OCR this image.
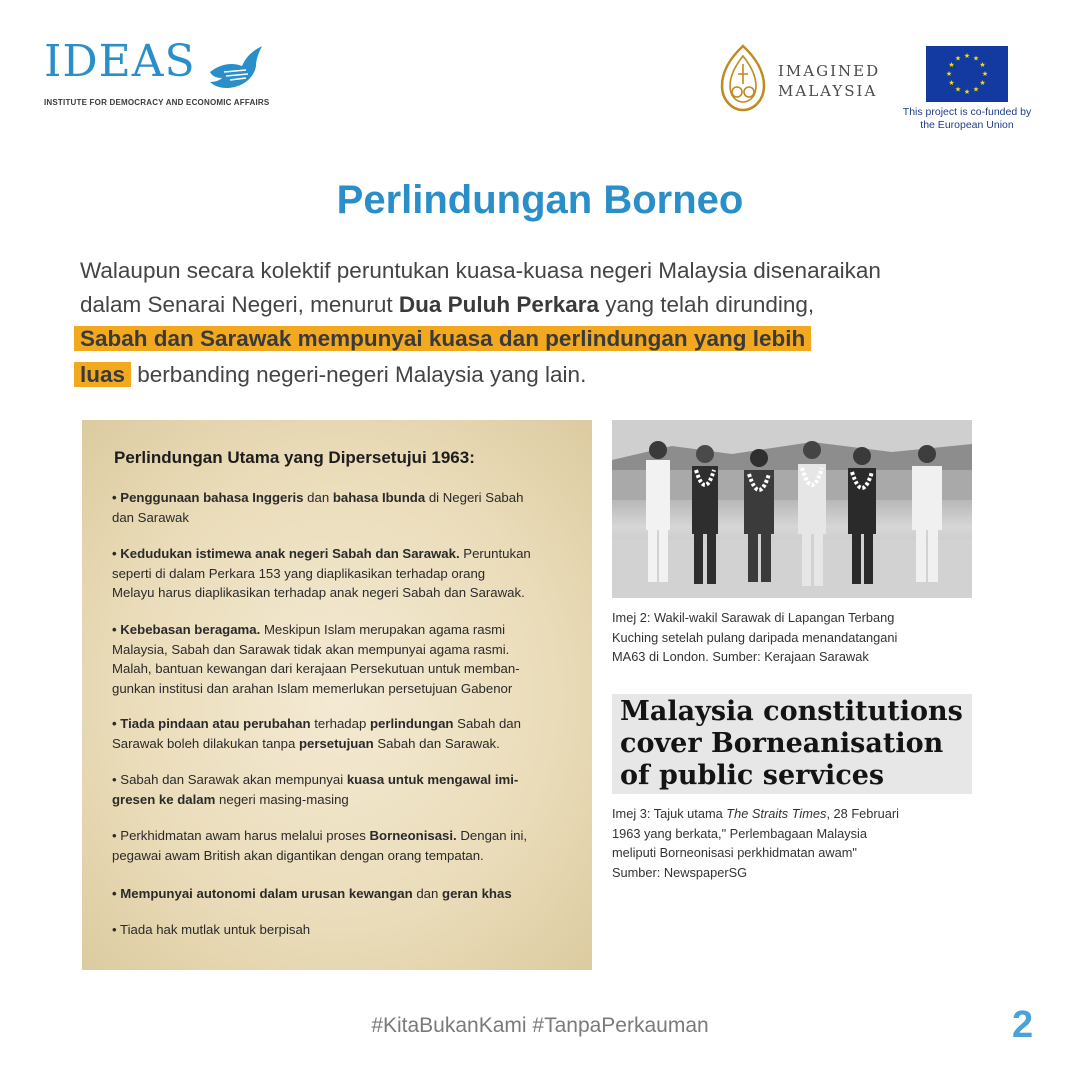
IDEAS
INSTITUTE FOR DEMOCRACY AND ECONOMIC AFFAIRS
IMAGINED
MALAYSIA
★ ★
★
★
★
★
★
★
★
★
★
★
This project is co-funded by
the European Union
Perlindungan Borneo
Walaupun secara kolektif peruntukan kuasa-kuasa negeri Malaysia disenaraikan
dalam Senarai Negeri, menurut Dua Puluh Perkara yang telah dirunding,
Sabah dan Sarawak mempunyai kuasa dan perlindungan yang lebih
luas berbanding negeri-negeri Malaysia yang lain.
Perlindungan Utama yang Dipersetujui 1963:
• Penggunaan bahasa Inggeris dan bahasa Ibunda di Negeri Sabah
dan Sarawak
• Kedudukan istimewa anak negeri Sabah dan Sarawak. Peruntukan
seperti di dalam Perkara 153 yang diaplikasikan terhadap orang
Melayu harus diaplikasikan terhadap anak negeri Sabah dan Sarawak.
• Kebebasan beragama. Meskipun Islam merupakan agama rasmi
Malaysia, Sabah dan Sarawak tidak akan mempunyai agama rasmi.
Malah, bantuan kewangan dari kerajaan Persekutuan untuk memban-
gunkan institusi dan arahan Islam memerlukan persetujuan Gabenor
• Tiada pindaan atau perubahan terhadap perlindungan Sabah dan
Sarawak boleh dilakukan tanpa persetujuan Sabah dan Sarawak.
• Sabah dan Sarawak akan mempunyai kuasa untuk mengawal imi-
gresen ke dalam negeri masing-masing
• Perkhidmatan awam harus melalui proses Borneonisasi. Dengan ini,
pegawai awam British akan digantikan dengan orang tempatan.
• Mempunyai autonomi dalam urusan kewangan dan geran khas
• Tiada hak mutlak untuk berpisah
Imej 2: Wakil-wakil Sarawak di Lapangan Terbang
Kuching setelah pulang daripada menandatangani
MA63 di London. Sumber: Kerajaan Sarawak
Malaysia constitutions
cover Borneanisation
of public services
Imej 3: Tajuk utama The Straits Times, 28 Februari
1963 yang berkata," Perlembagaan Malaysia
meliputi Borneonisasi perkhidmatan awam"
Sumber: NewspaperSG
#KitaBukanKami #TanpaPerkauman	2
